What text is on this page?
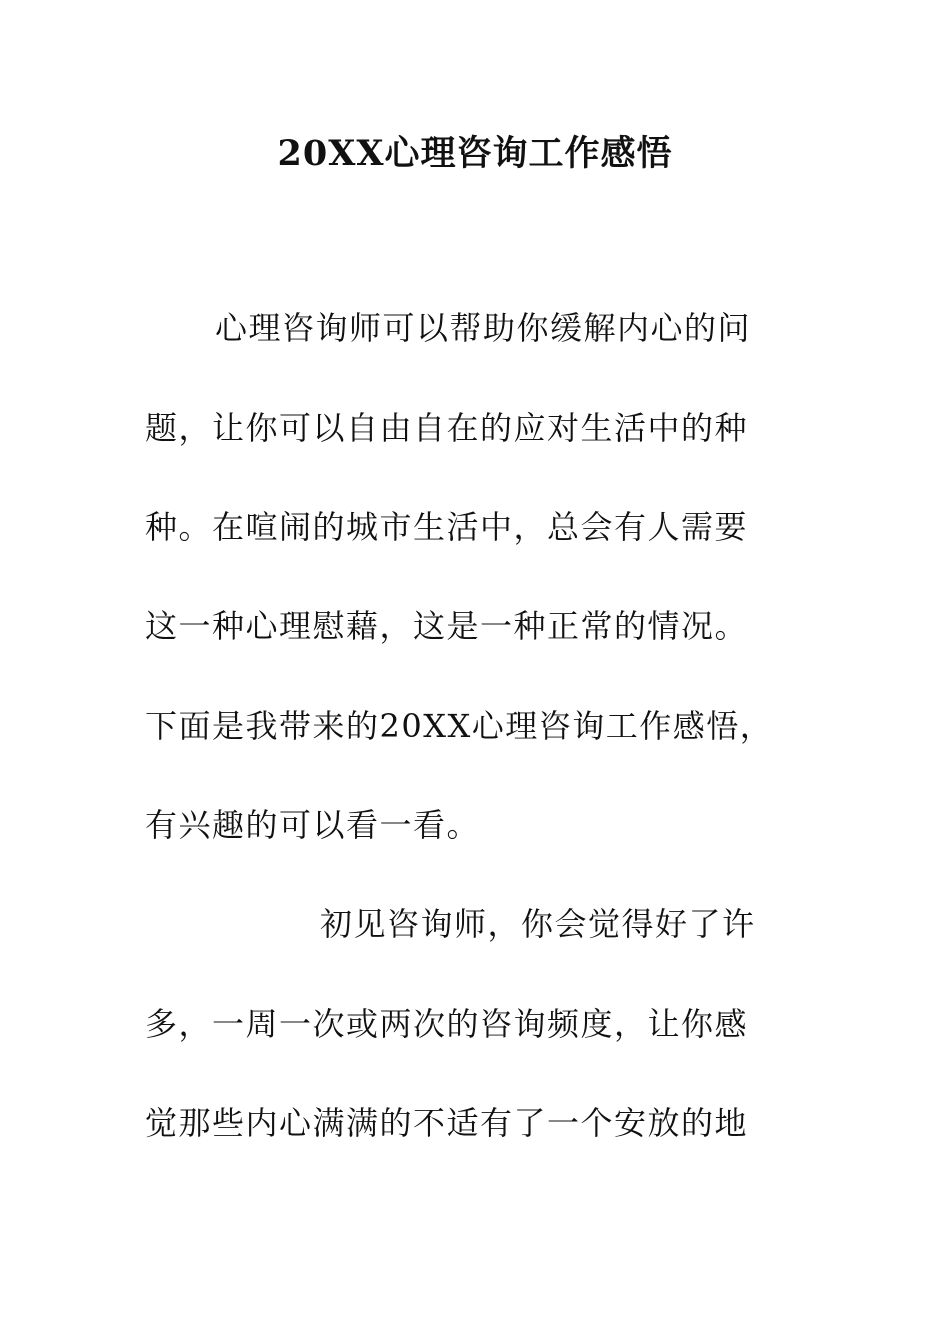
20XX心理咨询工作感悟
心理咨询师可以帮助你缓解内心的问
题，让你可以自由自在的应对生活中的种
种。在喧闹的城市生活中，总会有人需要
这一种心理慰藉，这是一种正常的情况。
下面是我带来的20XX心理咨询工作感悟，
有兴趣的可以看一看。
初见咨询师，你会觉得好了许
多，一周一次或两次的咨询频度，让你感
觉那些内心满满的不适有了一个安放的地
